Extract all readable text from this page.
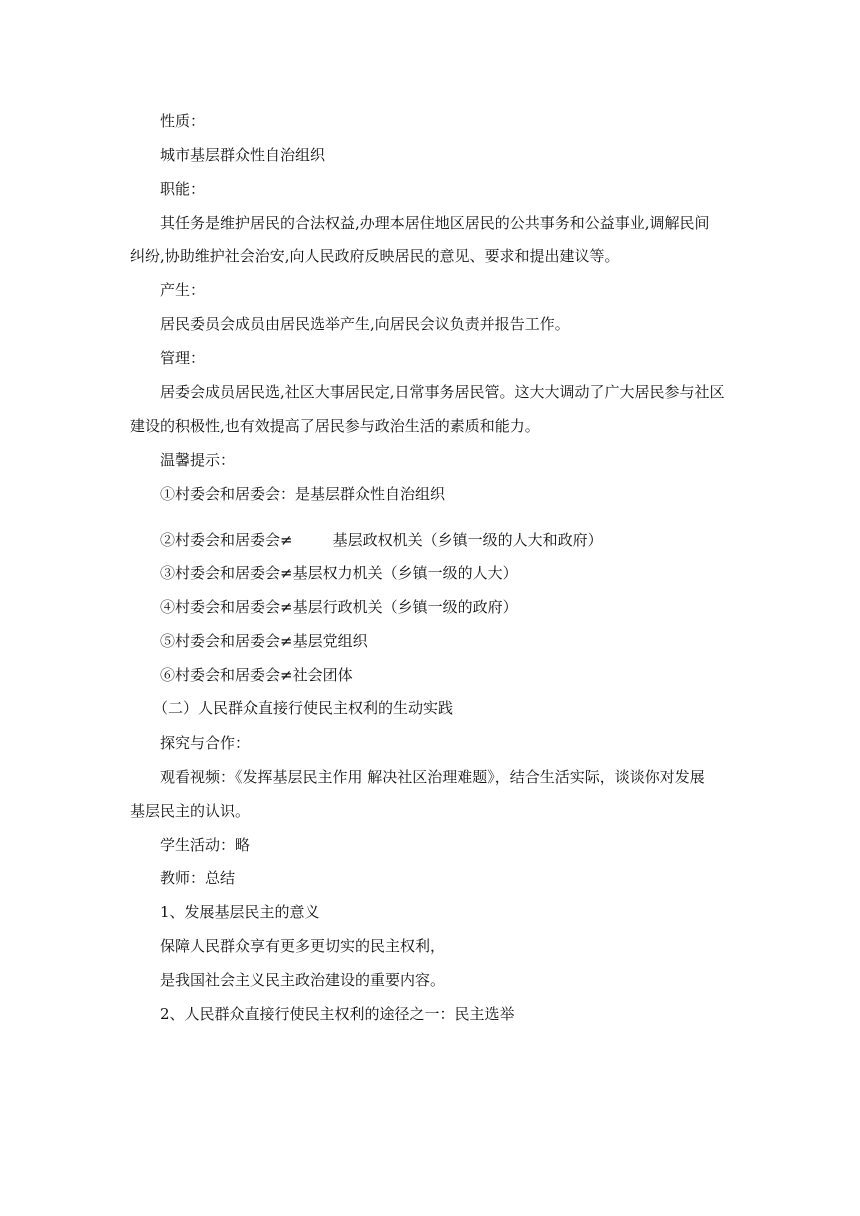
性质：
城市基层群众性自治组织
职能：
其任务是维护居民的合法权益,办理本居住地区居民的公共事务和公益事业,调解民间
纠纷,协助维护社会治安,向人民政府反映居民的意见、要求和提出建议等。
产生：
居民委员会成员由居民选举产生,向居民会议负责并报告工作。
管理：
居委会成员居民选,社区大事居民定,日常事务居民管。这大大调动了广大居民参与社区
建设的积极性,也有效提高了居民参与政治生活的素质和能力。
温馨提示：
①村委会和居委会：是基层群众性自治组织
②村委会和居委会≠	基层政权机关（乡镇一级的人大和政府）
③村委会和居委会≠基层权力机关（乡镇一级的人大）
④村委会和居委会≠基层行政机关（乡镇一级的政府）
⑤村委会和居委会≠基层党组织
⑥村委会和居委会≠社会团体
（二）人民群众直接行使民主权利的生动实践
探究与合作：
观看视频：《发挥基层民主作用 解决社区治理难题》，结合生活实际，谈谈你对发展
基层民主的认识。
学生活动：略
教师：总结
1、发展基层民主的意义
保障人民群众享有更多更切实的民主权利，
是我国社会主义民主政治建设的重要内容。
2、人民群众直接行使民主权利的途径之一：民主选举
